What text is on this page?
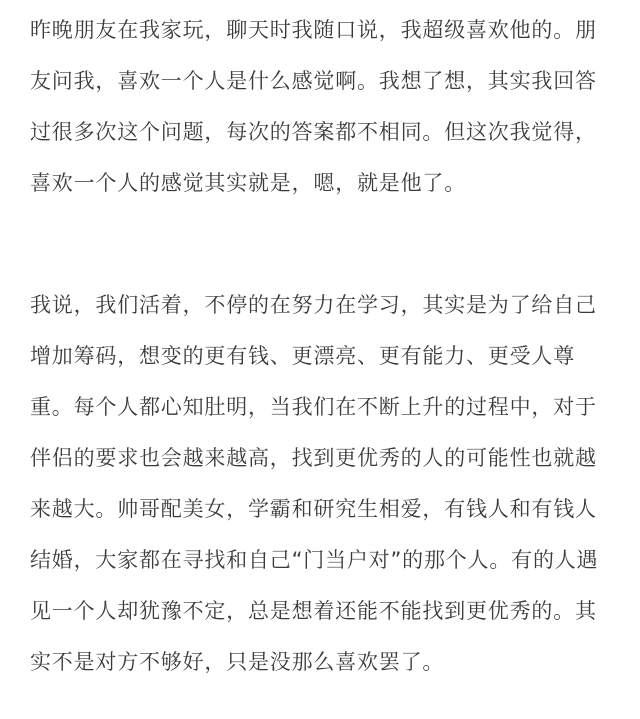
昨晚朋友在我家玩，聊天时我随口说，我超级喜欢他的。朋
友问我，喜欢一个人是什么感觉啊。我想了想，其实我回答
过很多次这个问题，每次的答案都不相同。但这次我觉得，
喜欢一个人的感觉其实就是，嗯，就是他了。
我说，我们活着，不停的在努力在学习，其实是为了给自己
增加筹码，想变的更有钱、更漂亮、更有能力、更受人尊
重。每个人都心知肚明，当我们在不断上升的过程中，对于
伴侣的要求也会越来越高，找到更优秀的人的可能性也就越
来越大。帅哥配美女，学霸和研究生相爱，有钱人和有钱人
结婚，大家都在寻找和自己“门当户对”的那个人。有的人遇
见一个人却犹豫不定，总是想着还能不能找到更优秀的。其
实不是对方不够好，只是没那么喜欢罢了。
